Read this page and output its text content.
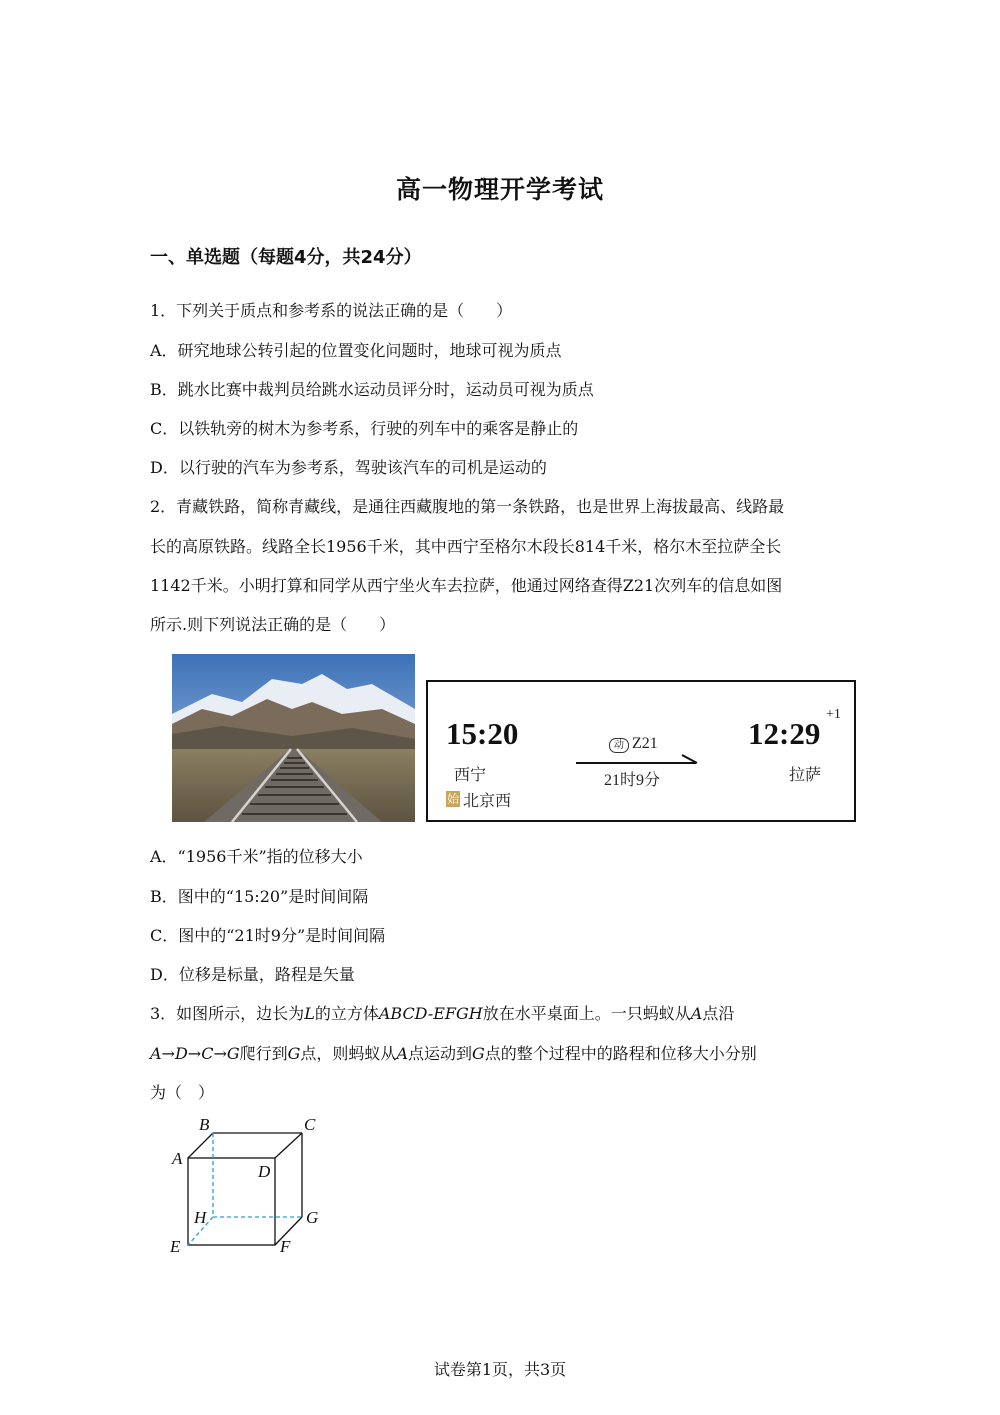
高一物理开学考试
一、单选题（每题4分，共24分）
1．下列关于质点和参考系的说法正确的是（　　）
A．研究地球公转引起的位置变化问题时，地球可视为质点
B．跳水比赛中裁判员给跳水运动员评分时，运动员可视为质点
C．以铁轨旁的树木为参考系，行驶的列车中的乘客是静止的
D．以行驶的汽车为参考系，驾驶该汽车的司机是运动的
2．青藏铁路，简称青藏线，是通往西藏腹地的第一条铁路，也是世界上海拔最高、线路最
长的高原铁路。线路全长1956千米，其中西宁至格尔木段长814千米，格尔木至拉萨全长
1142千米。小明打算和同学从西宁坐火车去拉萨，他通过网络查得Z21次列车的信息如图
所示.则下列说法正确的是（　　）
15:20
西宁
始 北京西
动 Z21
21时9分
12:29
+1
拉萨
A．“1956千米”指的位移大小
B．图中的“15:20”是时间间隔
C．图中的“21时9分”是时间间隔
D．位移是标量，路程是矢量
3．如图所示，边长为L的立方体ABCD-EFGH放在水平桌面上。一只蚂蚁从A点沿
A→D→C→G爬行到G点，则蚂蚁从A点运动到G点的整个过程中的路程和位移大小分别
为（　）
B	C
A
D
H	G
E	F
试卷第1页，共3页
